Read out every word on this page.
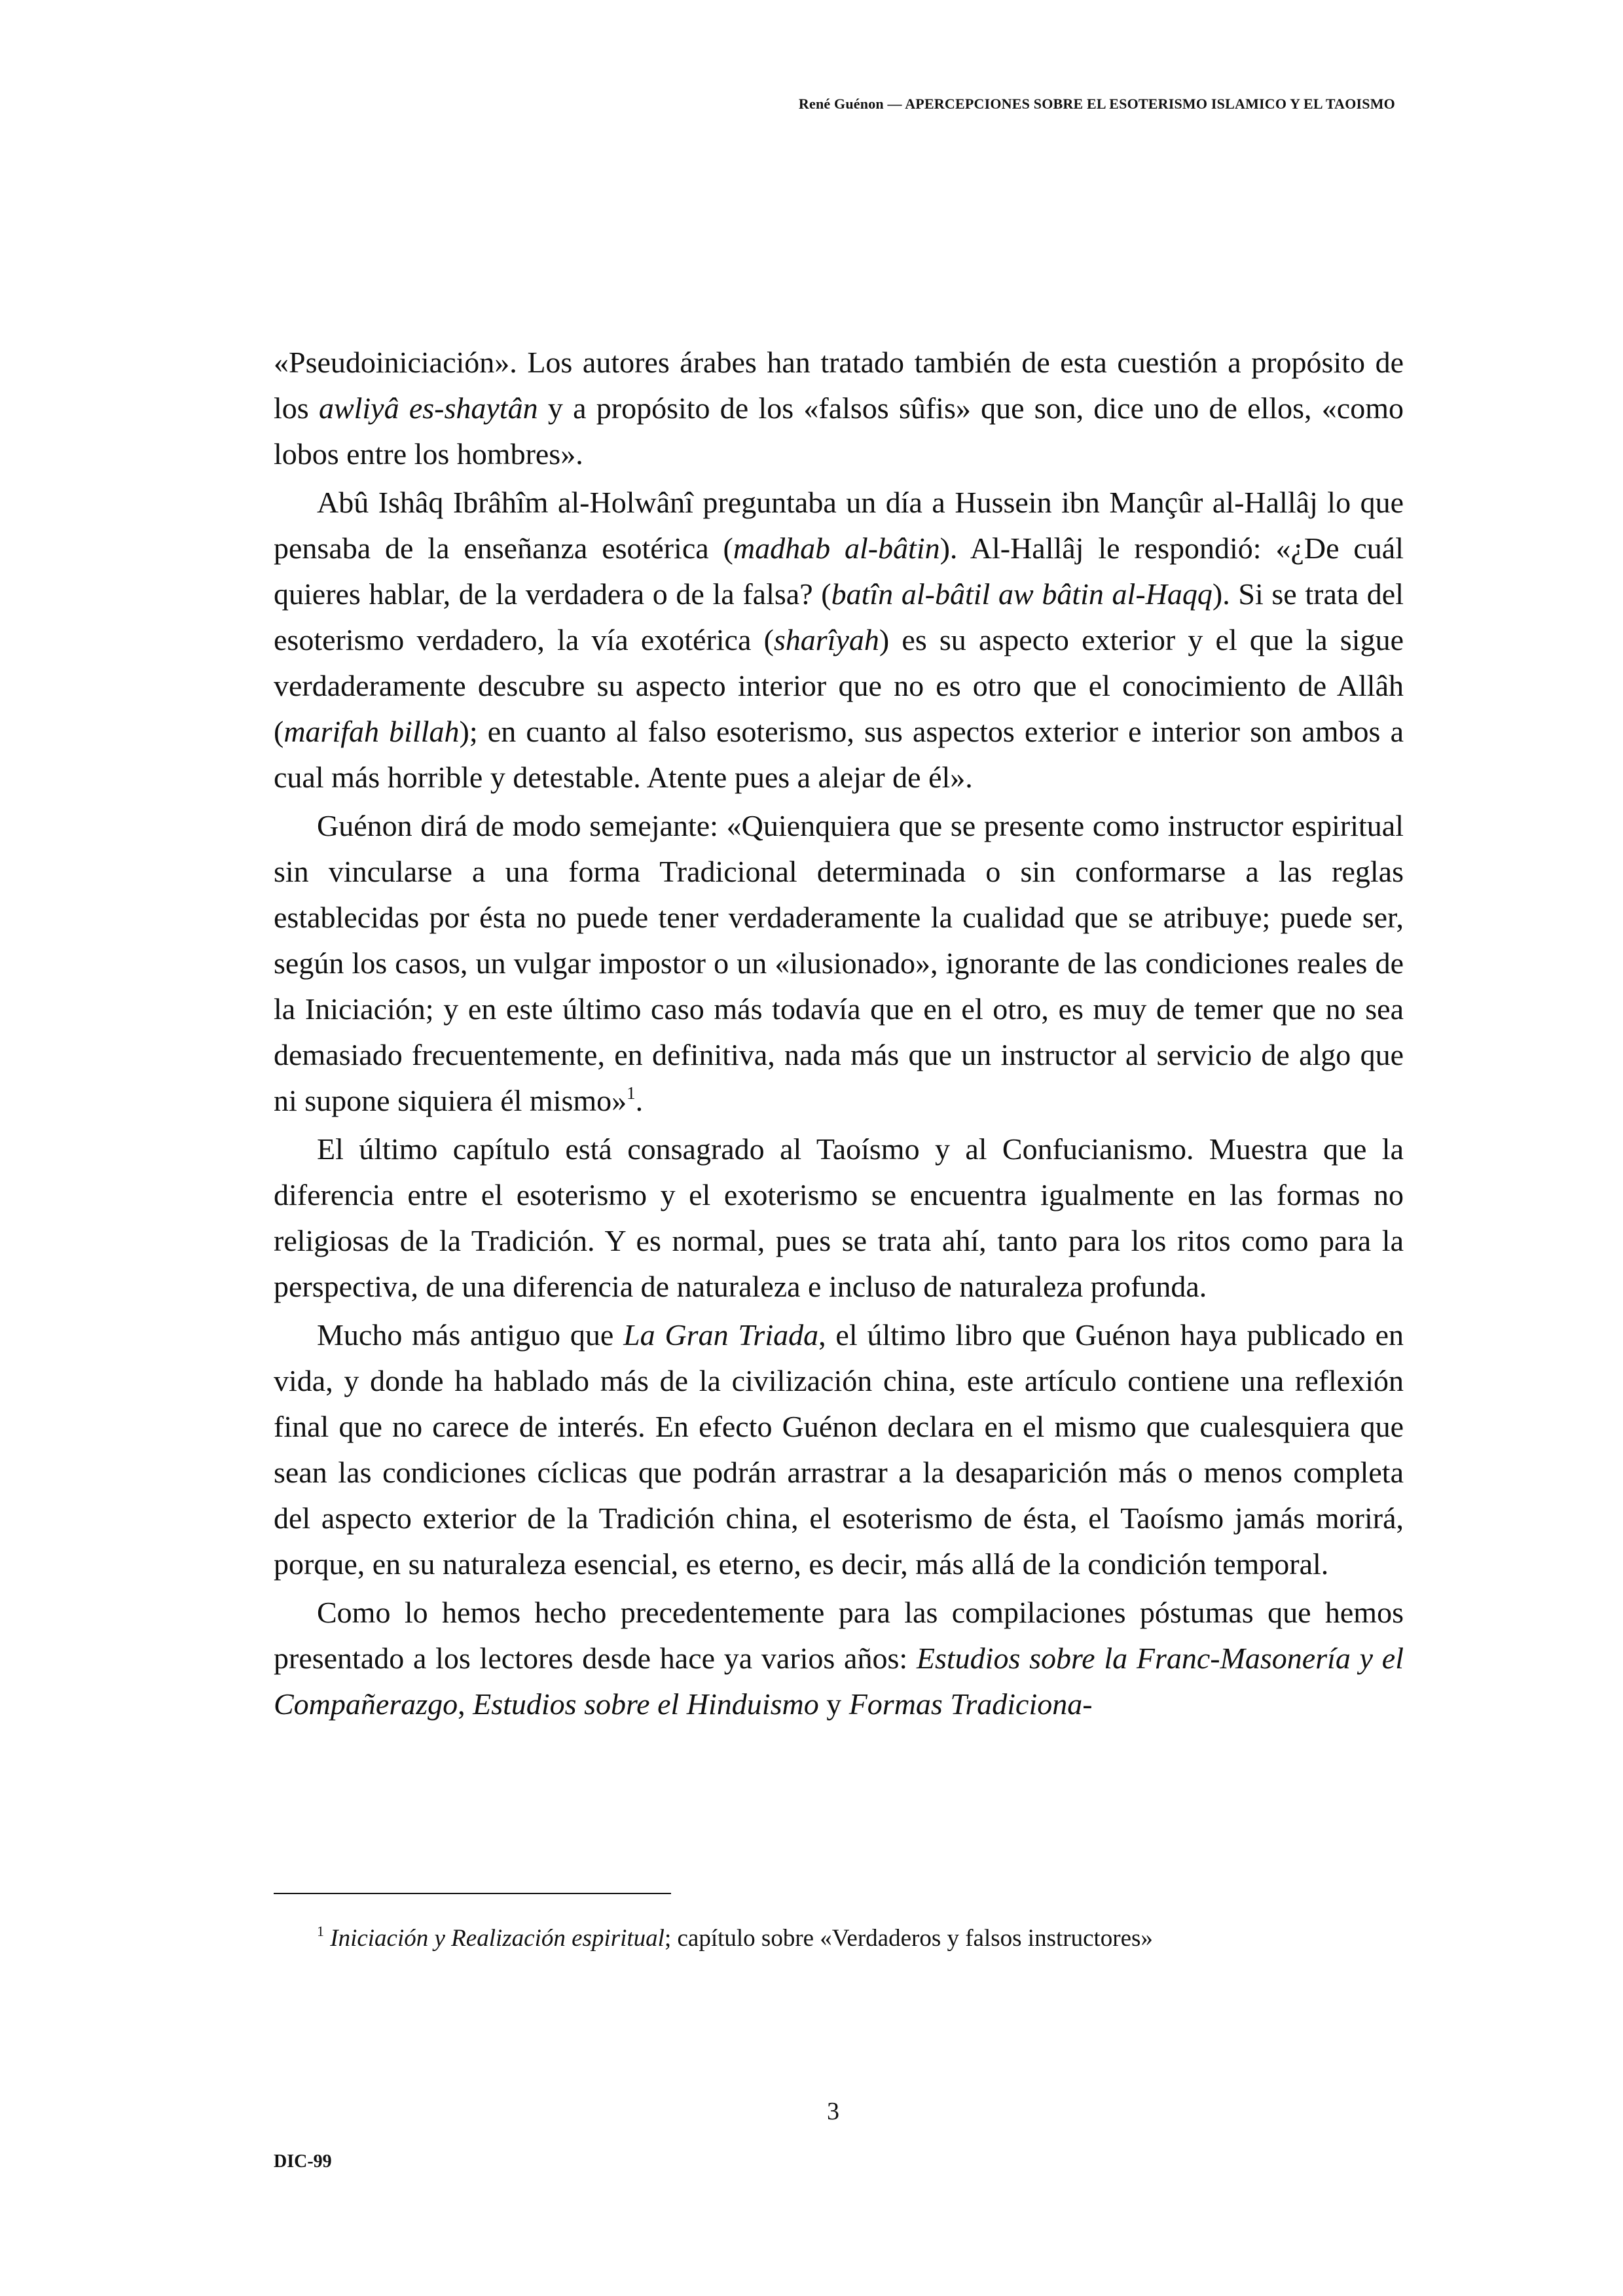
René Guénon — APERCEPCIONES SOBRE EL ESOTERISMO ISLAMICO Y EL TAOISMO

«Pseudoiniciación». Los autores árabes han tratado también de esta cuestión a propósito de los awliyâ es-shaytân y a propósito de los «falsos sûfis» que son, dice uno de ellos, «como lobos entre los hombres».

Abû Ishâq Ibrâhîm al-Holwânî preguntaba un día a Hussein ibn Mançûr al-Hallâj lo que pensaba de la enseñanza esotérica (madhab al-bâtin). Al-Hallâj le respondió: «¿De cuál quieres hablar, de la verdadera o de la falsa? (batîn al-bâtil aw bâtin al-Haqq). Si se trata del esoterismo verdadero, la vía exotérica (sharîyah) es su aspecto exterior y el que la sigue verdaderamente descubre su aspecto interior que no es otro que el conocimiento de Allâh (marifah billah); en cuanto al falso esoterismo, sus aspectos exterior e interior son ambos a cual más horrible y detestable. Atente pues a alejar de él».

Guénon dirá de modo semejante: «Quienquiera que se presente como instructor espiritual sin vincularse a una forma Tradicional determinada o sin conformarse a las reglas establecidas por ésta no puede tener verdaderamente la cualidad que se atribuye; puede ser, según los casos, un vulgar impostor o un «ilusionado», ignorante de las condiciones reales de la Iniciación; y en este último caso más todavía que en el otro, es muy de temer que no sea demasiado frecuentemente, en definitiva, nada más que un instructor al servicio de algo que ni supone siquiera él mismo»$^1$.

El último capítulo está consagrado al Taoísmo y al Confucianismo. Muestra que la diferencia entre el esoterismo y el exoterismo se encuentra igualmente en las formas no religiosas de la Tradición. Y es normal, pues se trata ahí, tanto para los ritos como para la perspectiva, de una diferencia de naturaleza e incluso de naturaleza profunda.

Mucho más antiguo que La Gran Triada, el último libro que Guénon haya publicado en vida, y donde ha hablado más de la civilización china, este artículo contiene una reflexión final que no carece de interés. En efecto Guénon declara en el mismo que cualesquiera que sean las condiciones cíclicas que podrán arrastrar a la desaparición más o menos completa del aspecto exterior de la Tradición china, el esoterismo de ésta, el Taoísmo jamás morirá, porque, en su naturaleza esencial, es eterno, es decir, más allá de la condición temporal.

Como lo hemos hecho precedentemente para las compilaciones póstumas que hemos presentado a los lectores desde hace ya varios años: Estudios sobre la Franc-Masonería y el Compañerazgo, Estudios sobre el Hinduismo y Formas Tradiciona-

$^1$ Iniciación y Realización espiritual; capítulo sobre «Verdaderos y falsos instructores»
3
DIC-99
